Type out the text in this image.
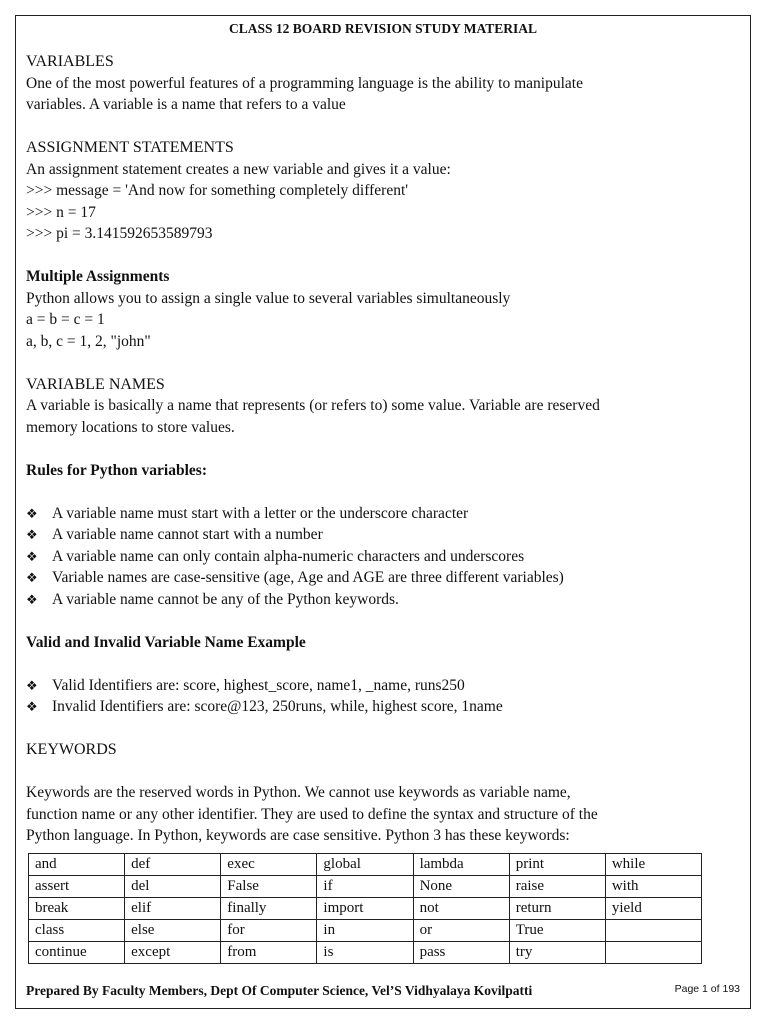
CLASS 12 BOARD REVISION STUDY MATERIAL

VARIABLES

One of the most powerful features of a programming language is the ability to manipulate

variables. A variable is a name that refers to a value

ASSIGNMENT STATEMENTS

An assignment statement creates a new variable and gives it a value:

>>> message = 'And now for something completely different'

>>> n = 17

>>> pi = 3.141592653589793

Multiple Assignments

Python allows you to assign a single value to several variables simultaneously

a = b = c = 1

a, b, c = 1, 2, "john"

VARIABLE NAMES

A variable is basically a name that represents (or refers to) some value. Variable are reserved

memory locations to store values.

Rules for Python variables:

❖ A variable name must start with a letter or the underscore character
❖ A variable name cannot start with a number
❖ A variable name can only contain alpha-numeric characters and underscores
❖ Variable names are case-sensitive (age, Age and AGE are three different variables)
❖ A variable name cannot be any of the Python keywords.

Valid and Invalid Variable Name Example

❖ Valid Identifiers are: score, highest_score, name1, _name, runs250
❖ Invalid Identifiers are: score@123, 250runs, while, highest score, 1name

KEYWORDS

Keywords are the reserved words in Python. We cannot use keywords as variable name,

function name or any other identifier. They are used to define the syntax and structure of the

Python language. In Python, keywords are case sensitive. Python 3 has these keywords:

and	def	exec	global	lambda	print	while
assert	del	False	if	None	raise	with
break	elif	finally	import	not	return	yield
class	else	for	in	or	True	
continue	except	from	is	pass	try	
Prepared By Faculty Members, Dept Of Computer Science, Vel’S Vidhyalaya Kovilpatti	Page 1 of 193
